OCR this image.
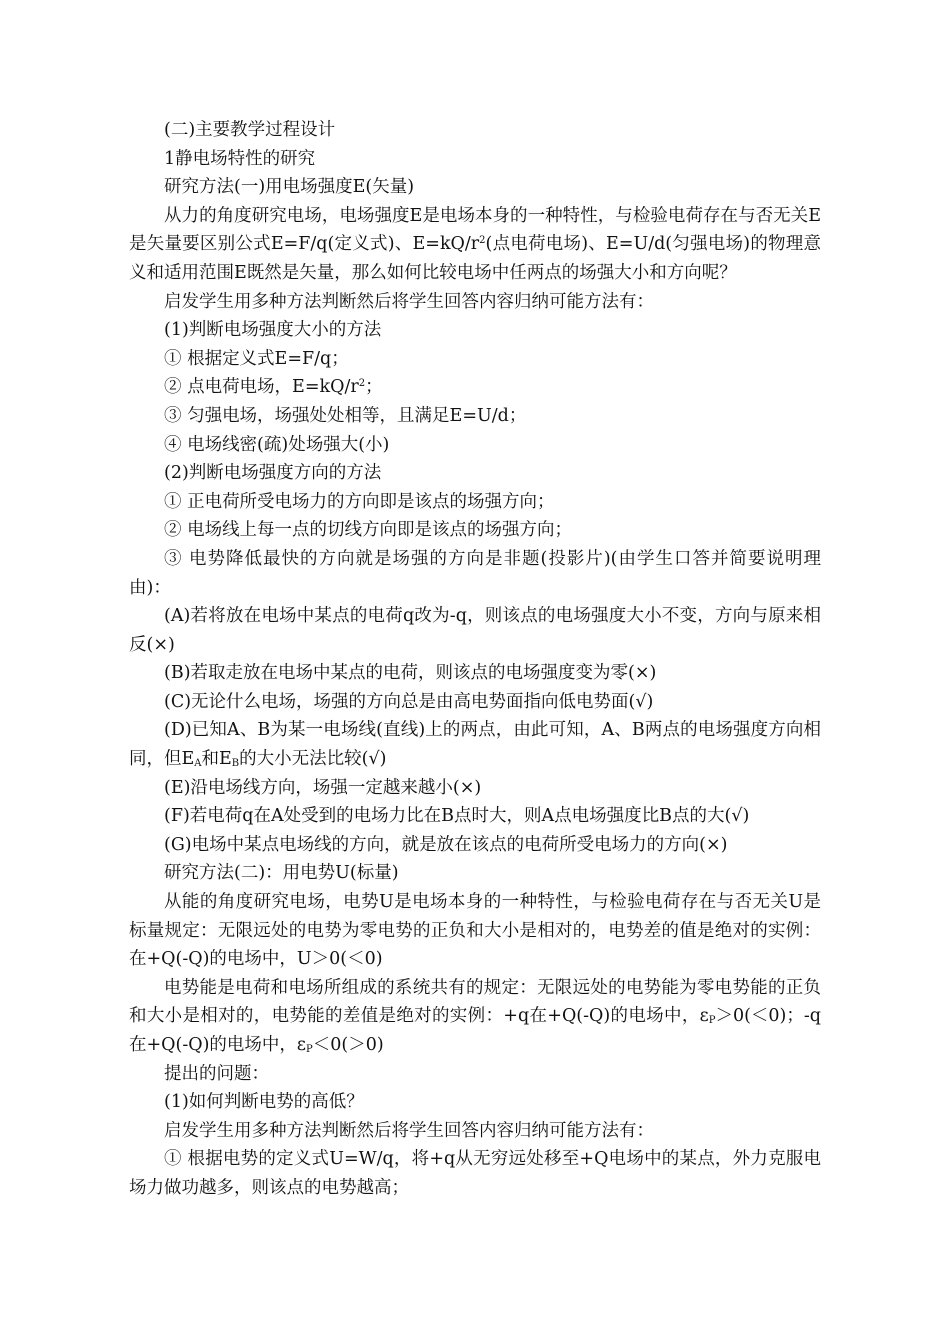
(二)主要教学过程设计

1静电场特性的研究

研究方法(一)用电场强度E(矢量)

从力的角度研究电场，电场强度E是电场本身的一种特性，与检验电荷存在与否无关E是矢量要区别公式E=F/q(定义式)、$E=kQ/r^2$(点电荷电场)、E=U/d(匀强电场)的物理意义和适用范围E既然是矢量，那么如何比较电场中任两点的场强大小和方向呢？

启发学生用多种方法判断然后将学生回答内容归纳可能方法有：

(1)判断电场强度大小的方法

① 根据定义式E=F/q；

② 点电荷电场，$E=kQ/r^2$；

③ 匀强电场，场强处处相等，且满足E=U/d；

④ 电场线密(疏)处场强大(小)

(2)判断电场强度方向的方法

① 正电荷所受电场力的方向即是该点的场强方向；

② 电场线上每一点的切线方向即是该点的场强方向；

③ 电势降低最快的方向就是场强的方向是非题(投影片)(由学生口答并简要说明理由)：

(A)若将放在电场中某点的电荷q改为-q，则该点的电场强度大小不变，方向与原来相反(×)

(B)若取走放在电场中某点的电荷，则该点的电场强度变为零(×)

(C)无论什么电场，场强的方向总是由高电势面指向低电势面(√)

(D)已知A、B为某一电场线(直线)上的两点，由此可知，A、B两点的电场强度方向相同，但$E_A$和$E_B$的大小无法比较(√)

(E)沿电场线方向，场强一定越来越小(×)

(F)若电荷q在A处受到的电场力比在B点时大，则A点电场强度比B点的大(√)

(G)电场中某点电场线的方向，就是放在该点的电荷所受电场力的方向(×)

研究方法(二)：用电势U(标量)

从能的角度研究电场，电势U是电场本身的一种特性，与检验电荷存在与否无关U是标量规定：无限远处的电势为零电势的正负和大小是相对的，电势差的值是绝对的实例：在+Q(-Q)的电场中，U＞0(＜0)

电势能是电荷和电场所组成的系统共有的规定：无限远处的电势能为零电势能的正负和大小是相对的，电势能的差值是绝对的实例：+q在+Q(-Q)的电场中，$\varepsilon_P>0(<0)$；-q在+Q(-Q)的电场中，$\varepsilon_P<0(>0)$

提出的问题：

(1)如何判断电势的高低？

启发学生用多种方法判断然后将学生回答内容归纳可能方法有：

① 根据电势的定义式U=W/q，将+q从无穷远处移至+Q电场中的某点，外力克服电场力做功越多，则该点的电势越高；
